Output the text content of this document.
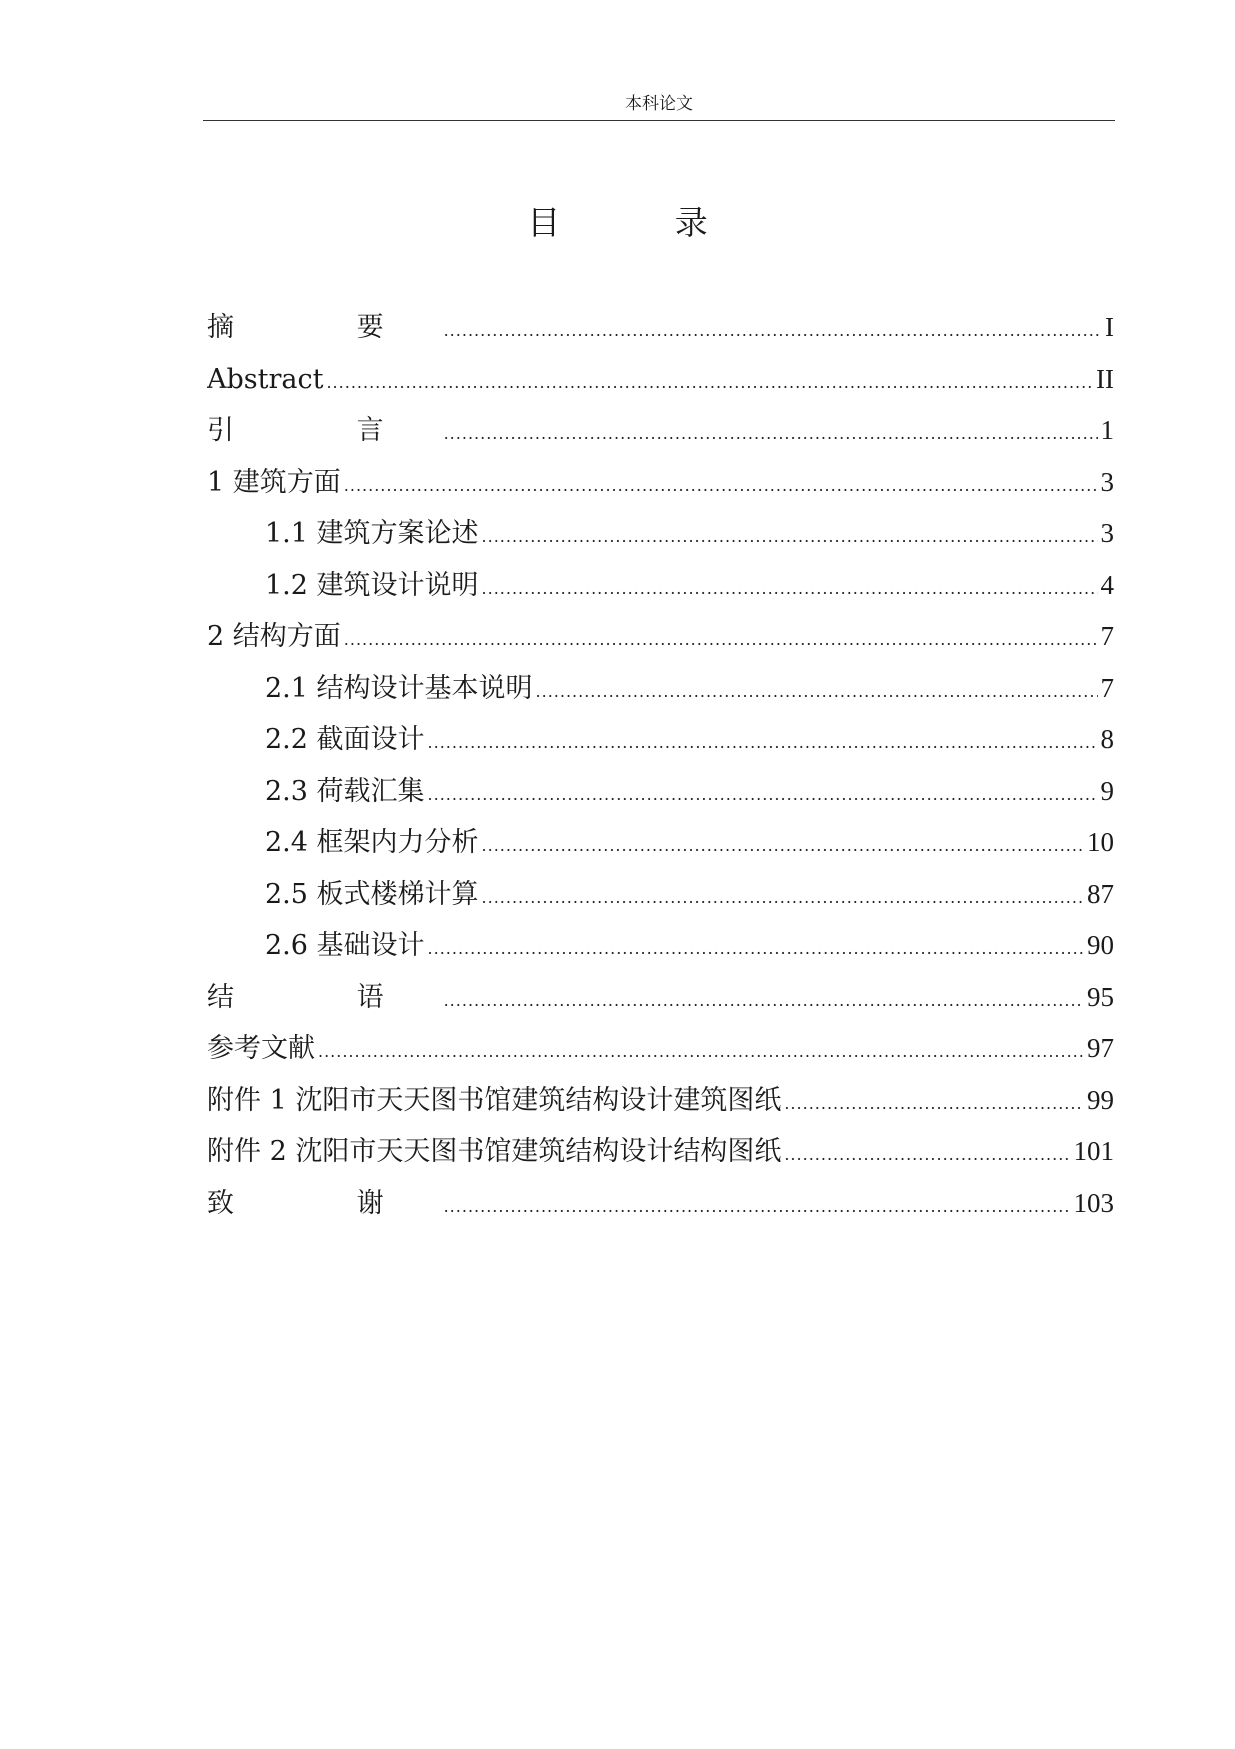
本科论文
目 录
摘 要 .....	I
Abstract .....	II
引 言 .....	1
1 建筑方面 .....	3
1.1 建筑方案论述 .....	3
1.2 建筑设计说明 .....	4
2 结构方面 .....	7
2.1 结构设计基本说明 .....	7
2.2 截面设计 .....	8
2.3 荷载汇集 .....	9
2.4 框架内力分析 .....	10
2.5 板式楼梯计算 .....	87
2.6 基础设计 .....	90
结 语 .....	95
参考文献 .....	97
附件 1 沈阳市天天图书馆建筑结构设计建筑图纸 .....	99
附件 2 沈阳市天天图书馆建筑结构设计结构图纸 .....	101
致 谢 .....	103
